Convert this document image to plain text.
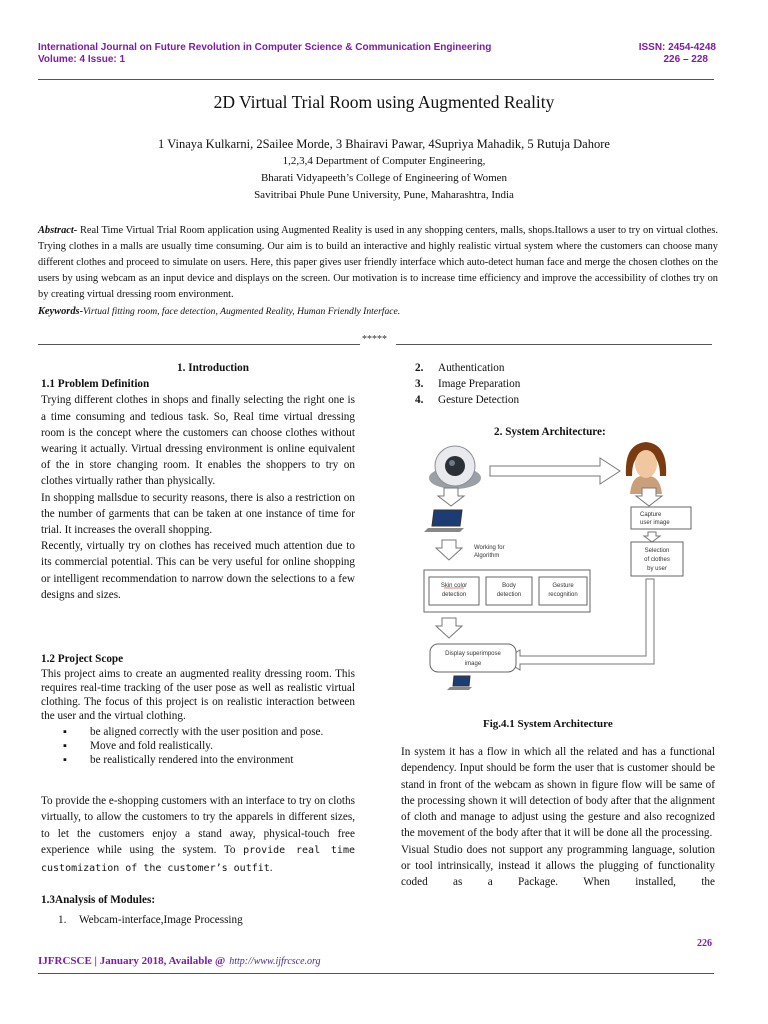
International Journal on Future Revolution in Computer Science & Communication Engineering	ISSN: 2454-4248
Volume: 4 Issue: 1	226 – 228
2D Virtual Trial Room using Augmented Reality
1 Vinaya Kulkarni, 2Sailee Morde, 3 Bhairavi Pawar, 4Supriya Mahadik, 5 Rutuja Dahore
1,2,3,4 Department of Computer Engineering,
Bharati Vidyapeeth’s College of Engineering of Women
Savitribai Phule Pune University, Pune, Maharashtra, India
Abstract- Real Time Virtual Trial Room application using Augmented Reality is used in any shopping centers, malls, shops.Itallows a user to try on virtual clothes. Trying clothes in a malls are usually time consuming. Our aim is to build an interactive and highly realistic virtual system where the customers can choose many different clothes and proceed to simulate on users. Here, this paper gives user friendly interface which auto-detect human face and merge the chosen clothes on the users by using webcam as an input device and displays on the screen. Our motivation is to increase time efficiency and improve the accessibility of clothes try on by creating virtual dressing room environment.
Keywords-Virtual fitting room, face detection, Augmented Reality, Human Friendly Interface.
*****
1. Introduction
1.1 Problem Definition
Trying different clothes in shops and finally selecting the right one is a time consuming and tedious task. So, Real time virtual dressing room is the concept where the customers can choose clothes without wearing it actually. Virtual dressing environment is online equivalent of the in store changing room. It enables the shoppers to try on clothes virtually rather than physically.
In shopping mallsdue to security reasons, there is also a restriction on the number of garments that can be taken at one instance of time for trial. It increases the overall shopping.
Recently, virtually try on clothes has received much attention due to its commercial potential. This can be very useful for online shopping or intelligent recommendation to narrow down the selections to a few designs and sizes.
1.2 Project Scope
This project aims to create an augmented reality dressing room. This requires real-time tracking of the user pose as well as realistic virtual clothing. The focus of this project is on realistic interaction between the user and the virtual clothing.
▪ be aligned correctly with the user position and pose.
▪ Move and fold realistically.
▪ be realistically rendered into the environment
To provide the e-shopping customers with an interface to try on cloths virtually, to allow the customers to try the apparels in different sizes, to let the customers enjoy a stand away, physical-touch free experience while using the system. To provide real time customization of the customer’s outfit.
1.3Analysis of Modules:
1. Webcam-interface,Image Processing
2. Authentication
3. Image Preparation
4. Gesture Detection
2. System Architecture:
Capture
user image
Selection
of clothes
by user
Working for
Algorithm
Skin color
detection
Body
detection
Gesture
recognition
Display superimpose
image
Fig.4.1 System Architecture
In system it has a flow in which all the related and has a functional dependency. Input should be form the user that is customer should be stand in front of the webcam as shown in figure flow will be same of the processing shown it will detection of body after that the alignment of cloth and manage to adjust using the gesture and also recognized the movement of the body after that it will be done all the processing.
Visual Studio does not support any programming language, solution or tool intrinsically, instead it allows the plugging of functionality coded as a Package. When installed, the
226
IJFRCSCE | January 2018, Available @ http://www.ijfrcsce.org
